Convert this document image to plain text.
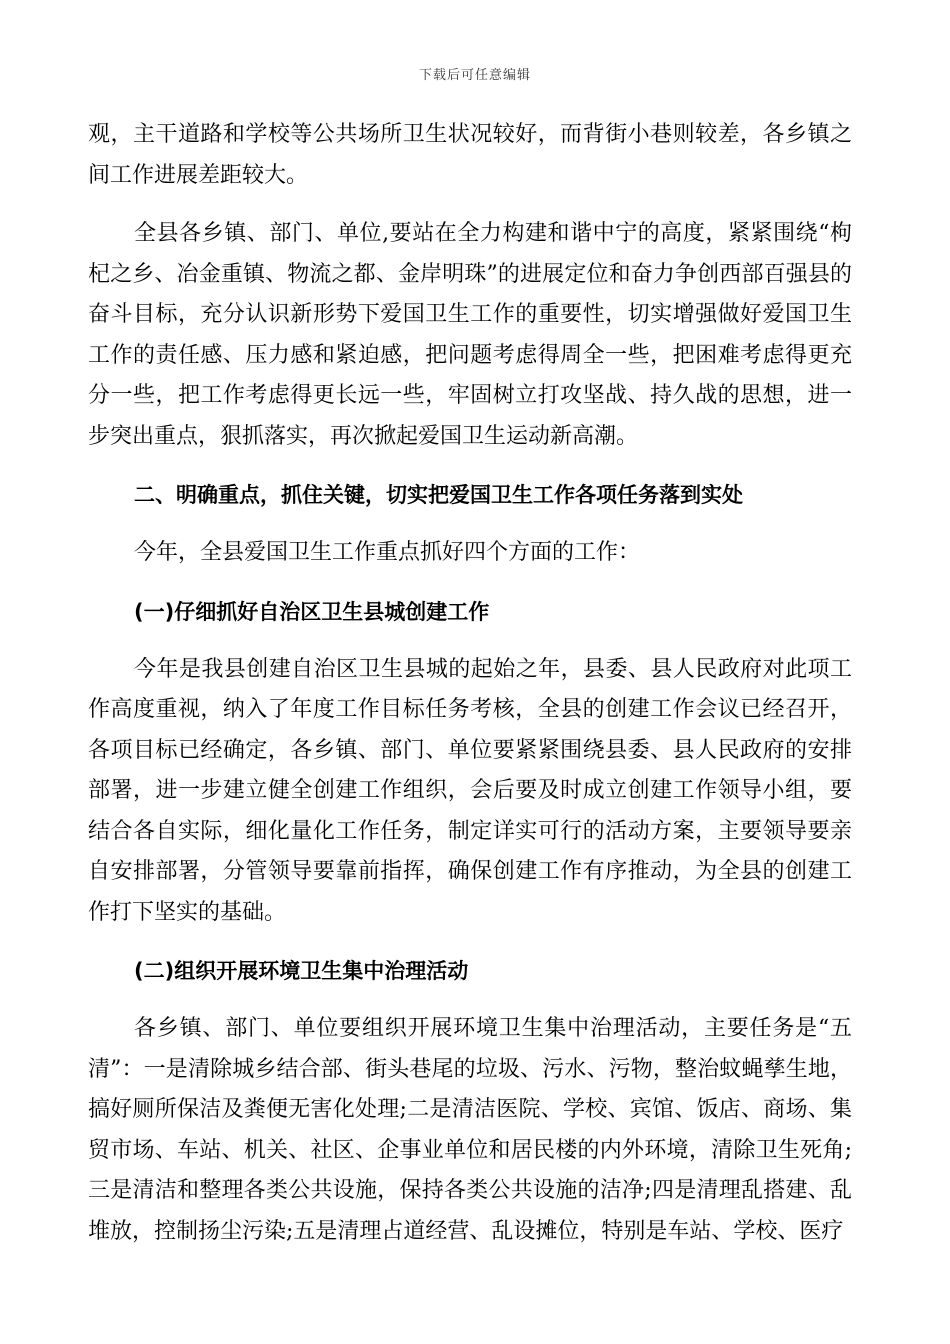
下载后可任意编辑

观，主干道路和学校等公共场所卫生状况较好，而背街小巷则较差，各乡镇之间工作进展差距较大。

全县各乡镇、部门、单位,要站在全力构建和谐中宁的高度，紧紧围绕“枸杞之乡、冶金重镇、物流之都、金岸明珠”的进展定位和奋力争创西部百强县的奋斗目标，充分认识新形势下爱国卫生工作的重要性，切实增强做好爱国卫生工作的责任感、压力感和紧迫感，把问题考虑得周全一些，把困难考虑得更充分一些，把工作考虑得更长远一些，牢固树立打攻坚战、持久战的思想，进一步突出重点，狠抓落实，再次掀起爱国卫生运动新高潮。

二、明确重点，抓住关键，切实把爱国卫生工作各项任务落到实处

今年，全县爱国卫生工作重点抓好四个方面的工作：

(一)仔细抓好自治区卫生县城创建工作

今年是我县创建自治区卫生县城的起始之年，县委、县人民政府对此项工作高度重视，纳入了年度工作目标任务考核，全县的创建工作会议已经召开，各项目标已经确定，各乡镇、部门、单位要紧紧围绕县委、县人民政府的安排部署，进一步建立健全创建工作组织，会后要及时成立创建工作领导小组，要结合各自实际，细化量化工作任务，制定详实可行的活动方案，主要领导要亲自安排部署，分管领导要靠前指挥，确保创建工作有序推动，为全县的创建工作打下坚实的基础。

(二)组织开展环境卫生集中治理活动

各乡镇、部门、单位要组织开展环境卫生集中治理活动，主要任务是“五清”：一是清除城乡结合部、街头巷尾的垃圾、污水、污物，整治蚊蝇孳生地，搞好厕所保洁及粪便无害化处理;二是清洁医院、学校、宾馆、饭店、商场、集贸市场、车站、机关、社区、企事业单位和居民楼的内外环境，清除卫生死角;三是清洁和整理各类公共设施，保持各类公共设施的洁净;四是清理乱搭建、乱堆放，控制扬尘污染;五是清理占道经营、乱设摊位，特别是车站、学校、医疗
